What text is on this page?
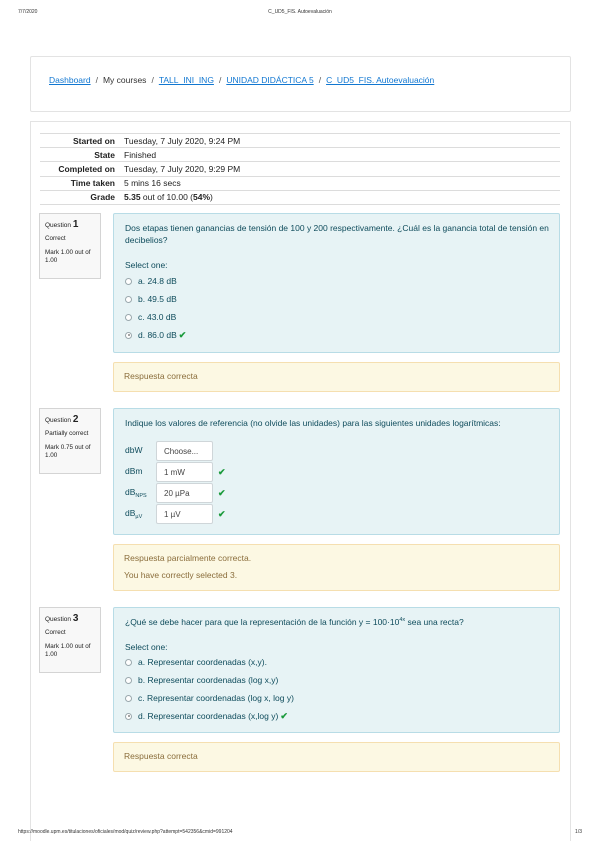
7/7/2020	C_UD5_FIS. Autoevaluación
Dashboard / My courses / TALL_INI_ING / UNIDAD DIDÁCTICA 5 / C_UD5_FIS. Autoevaluación
Started on	Tuesday, 7 July 2020, 9:24 PM
State	Finished
Completed on	Tuesday, 7 July 2020, 9:29 PM
Time taken	5 mins 16 secs
Grade	5.35 out of 10.00 (54%)
Question 1
Correct
Mark 1.00 out of 1.00
Dos etapas tienen ganancias de tensión de 100 y 200 respectivamente. ¿Cuál es la ganancia total de tensión en decibelios?
Select one:
a. 24.8 dB
b. 49.5 dB
c. 43.0 dB
d. 86.0 dB ✔
Respuesta correcta
Question 2
Partially correct
Mark 0.75 out of 1.00
Indique los valores de referencia (no olvide las unidades) para las siguientes unidades logarítmicas:
dbW	Choose...
dBm	1 mW	✔
$dB_{NPS}$	20 µPa	✔
$dB_{\mu V}$	1 µV	✔
Respuesta parcialmente correcta.
You have correctly selected 3.
Question 3
Correct
Mark 1.00 out of 1.00
¿Qué se debe hacer para que la representación de la función $y = 100\cdot 10^{4x}$ sea una recta?
Select one:
a. Representar coordenadas (x,y).
b. Representar coordenadas (log x,y)
c. Representar coordenadas (log x, log y)
d. Representar coordenadas (x,log y) ✔
Respuesta correcta
https://moodle.upm.es/titulaciones/oficiales/mod/quiz/review.php?attempt=542356&cmid=991204	1/3
